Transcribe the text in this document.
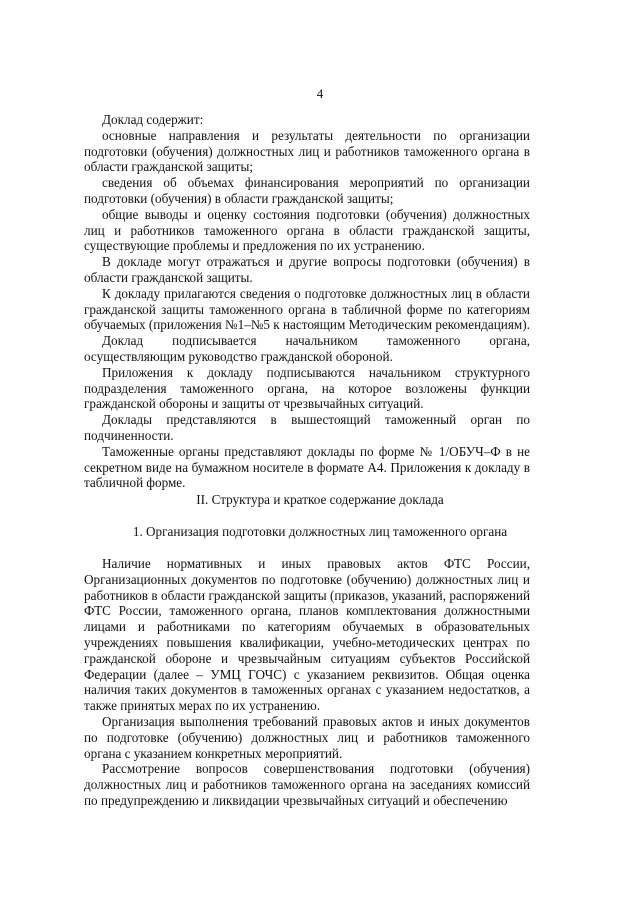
4

Доклад содержит:

основные направления и результаты деятельности по организации подготовки (обучения) должностных лиц и работников таможенного органа в области гражданской защиты;

сведения об объемах финансирования мероприятий по организации подготовки (обучения) в области гражданской защиты;

общие выводы и оценку состояния подготовки (обучения) должностных лиц и работников таможенного органа в области гражданской защиты, существующие проблемы и предложения по их устранению.

В докладе могут отражаться и другие вопросы подготовки (обучения) в области гражданской защиты.

К докладу прилагаются сведения о подготовке должностных лиц в области гражданской защиты таможенного органа в табличной форме по категориям обучаемых (приложения №1–№5 к настоящим Методическим рекомендациям).

Доклад подписывается начальником таможенного органа, осуществляющим руководство гражданской обороной.

Приложения к докладу подписываются начальником структурного подразделения таможенного органа, на которое возложены функции гражданской обороны и защиты от чрезвычайных ситуаций.

Доклады представляются в вышестоящий таможенный орган по подчиненности.

Таможенные органы представляют доклады по форме № 1/ОБУЧ–Ф в не секретном виде на бумажном носителе в формате А4. Приложения к докладу в табличной форме.

II. Структура и краткое содержание доклада
1. Организация подготовки должностных лиц таможенного органа

Наличие нормативных и иных правовых актов ФТС России, Организационных документов по подготовке (обучению) должностных лиц и работников в области гражданской защиты (приказов, указаний, распоряжений ФТС России, таможенного органа, планов комплектования должностными лицами и работниками по категориям обучаемых в образовательных учреждениях повышения квалификации, учебно-методических центрах по гражданской обороне и чрезвычайным ситуациям субъектов Российской Федерации (далее – УМЦ ГОЧС) с указанием реквизитов. Общая оценка наличия таких документов в таможенных органах с указанием недостатков, а также принятых мерах по их устранению.

Организация выполнения требований правовых актов и иных документов по подготовке (обучению) должностных лиц и работников таможенного органа с указанием конкретных мероприятий.

Рассмотрение вопросов совершенствования подготовки (обучения) должностных лиц и работников таможенного органа на заседаниях комиссий по предупреждению и ликвидации чрезвычайных ситуаций и обеспечению
